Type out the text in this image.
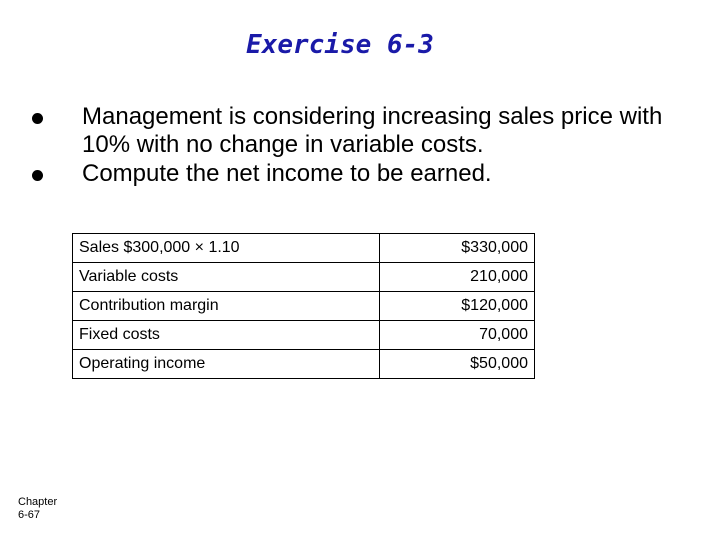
Exercise 6-3
Management is considering increasing sales price with 10% with no change in variable costs.
Compute the net income to be earned.
Sales $300,000 × 1.10	$330,000
Variable costs	210,000
Contribution margin	$120,000
Fixed costs	70,000
Operating income	$50,000
Chapter
6-67
